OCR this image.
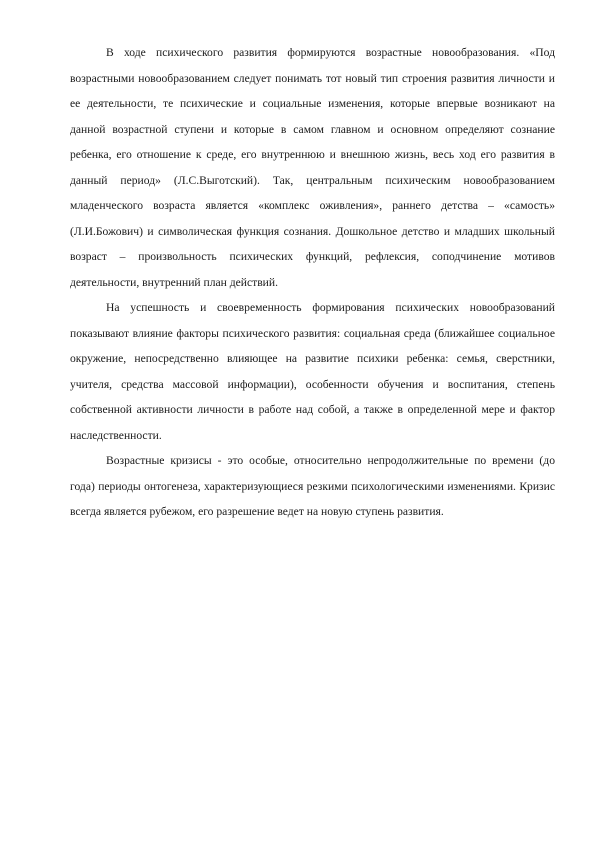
В ходе психического развития формируются возрастные новообразования. «Под возрастными новообразованием следует понимать тот новый тип строения развития личности и ее деятельности, те психические и социальные изменения, которые впервые возникают на данной возрастной ступени и которые в самом главном и основном определяют сознание ребенка, его отношение к среде, его внутреннюю и внешнюю жизнь, весь ход его развития в данный период» (Л.С.Выготский). Так, центральным психическим новообразованием младенческого возраста является «комплекс оживления», раннего детства – «самость» (Л.И.Божович) и символическая функция сознания. Дошкольное детство и младших школьный возраст – произвольность психических функций, рефлексия, соподчинение мотивов деятельности, внутренний план действий.

На успешность и своевременность формирования психических новообразований показывают влияние факторы психического развития: социальная среда (ближайшее социальное окружение, непосредственно влияющее на развитие психики ребенка: семья, сверстники, учителя, средства массовой информации), особенности обучения и воспитания, степень собственной активности личности в работе над собой, а также в определенной мере и фактор наследственности.

Возрастные кризисы - это особые, относительно непродолжительные по времени (до года) периоды онтогенеза, характеризующиеся резкими психологическими изменениями. Кризис всегда является рубежом, его разрешение ведет на новую ступень развития.
